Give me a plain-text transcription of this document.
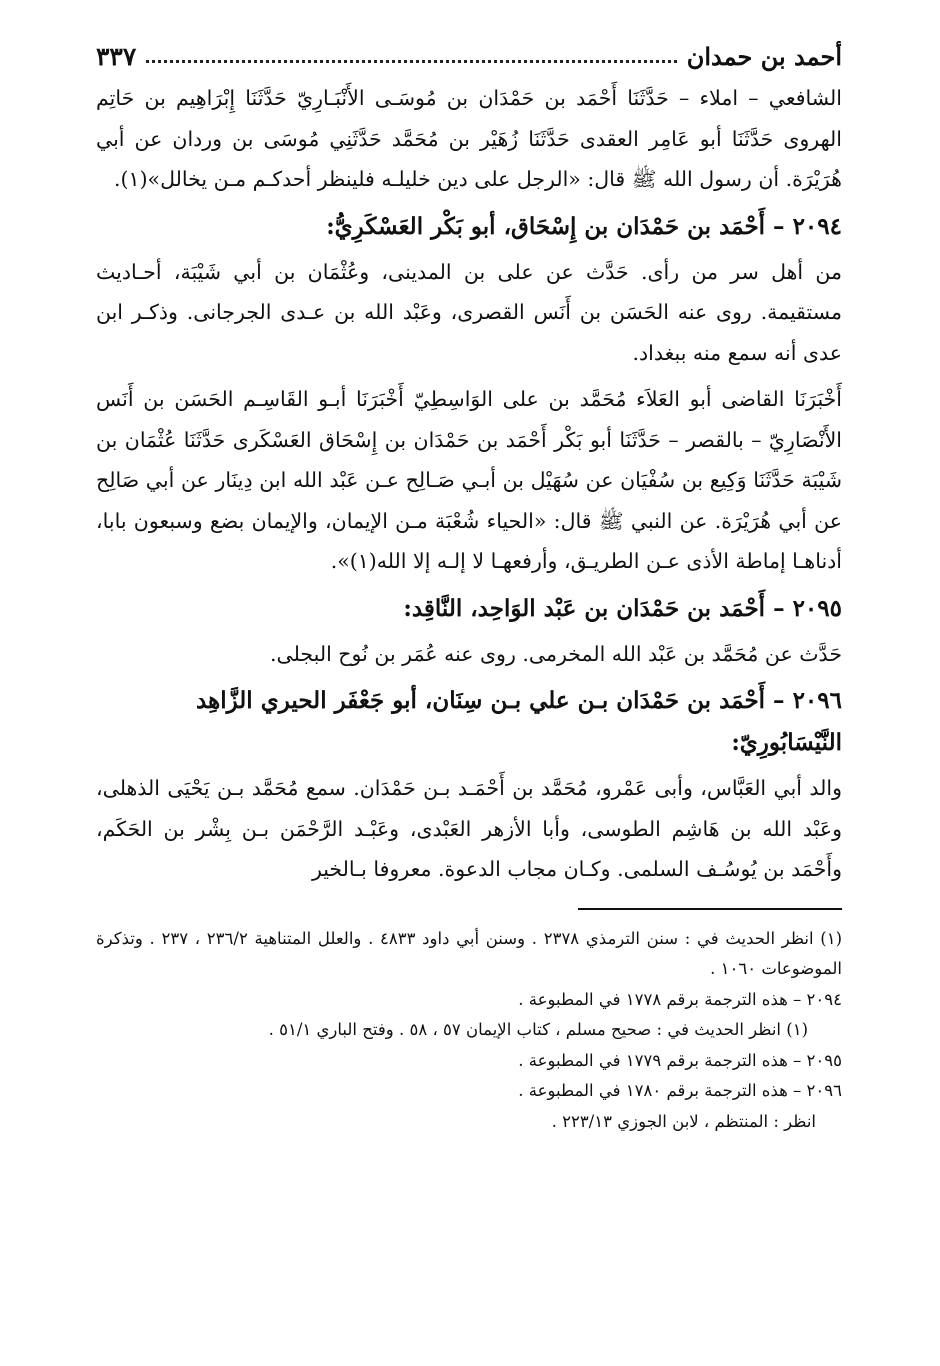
أحمد بن حمدان
٣٣٧

الشافعي – املاء – حَدَّثَنَا أَحْمَد بن حَمْدَان بن مُوسَـى الأَنْبَـارِيّ حَدَّثَنَا إِبْرَاهِيم بن حَاتِم الهروى حَدَّثَنَا أبو عَامِر العقدى حَدَّثَنَا زُهَيْر بن مُحَمَّد حَدَّثَنِي مُوسَى بن وردان عن أبي هُرَيْرَة. أن رسول الله ﷺ قال: «الرجل على دين خليلـه فلينظر أحدكـم مـن يخالل»(١).

٢٠٩٤ – أَحْمَد بن حَمْدَان بن إِسْحَاق، أبو بَكْر العَسْكَرِيُّ:

من أهل سر من رأى. حَدَّث عن على بن المدينى، وعُثْمَان بن أبي شَيْبَة، أحـاديث مستقيمة. روى عنه الحَسَن بن أَنَس القصرى، وعَبْد الله بن عـدى الجرجانى. وذكـر ابن عدى أنه سمع منه ببغداد.

أَخْبَرَنَا القاضى أبو العَلاَء مُحَمَّد بن على الوَاسِطِيّ أَخْبَرَنَا أبـو القَاسِـم الحَسَن بن أَنَس الأَنْصَارِيّ – بالقصر – حَدَّثَنَا أبو بَكْر أَحْمَد بن حَمْدَان بن إِسْحَاق العَسْكَرى حَدَّثَنَا عُثْمَان بن شَيْبَة حَدَّثَنَا وَكِيع بن سُفْيَان عن سُهَيْل بن أبـي صَـالِح عـن عَبْد الله ابن دِينَار عن أبي صَالِح عن أبي هُرَيْرَة. عن النبي ﷺ قال: «الحياء شُعْبَة مـن الإيمان، والإيمان بضع وسبعون بابا، أدناهـا إماطة الأذى عـن الطريـق، وأرفعهـا لا إلـه إلا الله(١)».

٢٠٩٥ – أَحْمَد بن حَمْدَان بن عَبْد الوَاحِد، النَّاقِد:

حَدَّث عن مُحَمَّد بن عَبْد الله المخرمى. روى عنه عُمَر بن نُوح البجلى.

٢٠٩٦ – أَحْمَد بن حَمْدَان بـن علي بـن سِنَان، أبو جَعْفَر الحيري الزَّاهِد النَّيْسَابُورِيّ:

والد أبي العَبَّاس، وأبى عَمْرو، مُحَمَّد بن أَحْمَـد بـن حَمْدَان. سمع مُحَمَّد بـن يَحْيَى الذهلى، وعَبْد الله بن هَاشِم الطوسى، وأبا الأزهر العَبْدى، وعَبْـد الرَّحْمَن بـن بِشْر بن الحَكَم، وأَحْمَد بن يُوسُـف السلمى. وكـان مجاب الدعوة. معروفا بـالخير

(١) انظر الحديث في : سنن الترمذي ٢٣٧٨ . وسنن أبي داود ٤٨٣٣ . والعلل المتناهية ٢٣٦/٢ ، ٢٣٧ . وتذكرة الموضوعات ١٠٦٠ .
٢٠٩٤ – هذه الترجمة برقم ١٧٧٨ في المطبوعة .
(١) انظر الحديث في : صحيح مسلم ، كتاب الإيمان ٥٧ ، ٥٨ . وفتح الباري ٥١/١ .
٢٠٩٥ – هذه الترجمة برقم ١٧٧٩ في المطبوعة .
٢٠٩٦ – هذه الترجمة برقم ١٧٨٠ في المطبوعة .
انظر : المنتظم ، لابن الجوزي ٢٢٣/١٣ .
